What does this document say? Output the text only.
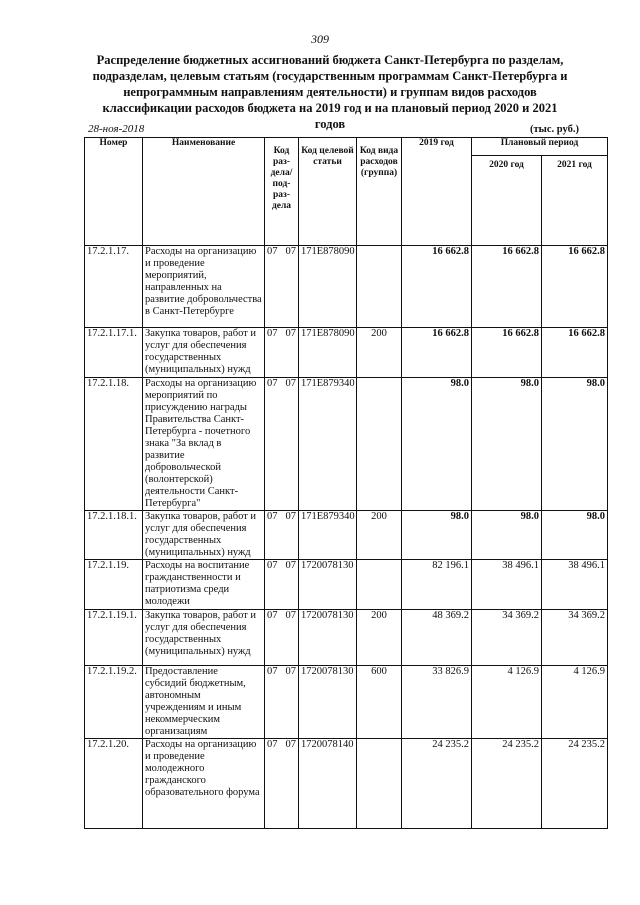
309
Распределение бюджетных ассигнований бюджета Санкт-Петербурга по разделам, подразделам, целевым статьям (государственным программам Санкт-Петербурга и непрограммным направлениям деятельности) и группам видов расходов классификации расходов бюджета на 2019 год и на плановый период 2020 и 2021 годов
28-ноя-2018	(тыс. руб.)
Номер	Наименование	Код раз-дела/ под-раз-дела	Код целевой статьи	Код вида расходов (группа)	2019 год	Плановый период	
						2020 год	2021 год
17.2.1.17.	Расходы на организацию и проведение мероприятий, направленных на развитие добровольчества в Санкт-Петербурге	07 07	171Е878090		16 662.8	16 662.8	16 662.8
17.2.1.17.1.	Закупка товаров, работ и услуг для обеспечения государственных (муниципальных) нужд	07 07	171Е878090	200	16 662.8	16 662.8	16 662.8
17.2.1.18.	Расходы на организацию мероприятий по присуждению награды Правительства Санкт-Петербурга - почетного знака "За вклад в развитие добровольческой (волонтерской) деятельности Санкт-Петербурга"	07 07	171Е879340		98.0	98.0	98.0
17.2.1.18.1.	Закупка товаров, работ и услуг для обеспечения государственных (муниципальных) нужд	07 07	171Е879340	200	98.0	98.0	98.0
17.2.1.19.	Расходы на воспитание гражданственности и патриотизма среди молодежи	07 07	1720078130		82 196.1	38 496.1	38 496.1
17.2.1.19.1.	Закупка товаров, работ и услуг для обеспечения государственных (муниципальных) нужд	07 07	1720078130	200	48 369.2	34 369.2	34 369.2
17.2.1.19.2.	Предоставление субсидий бюджетным, автономным учреждениям и иным некоммерческим организациям	07 07	1720078130	600	33 826.9	4 126.9	4 126.9
17.2.1.20.	Расходы на организацию и проведение молодежного гражданского образовательного форума	07 07	1720078140		24 235.2	24 235.2	24 235.2
